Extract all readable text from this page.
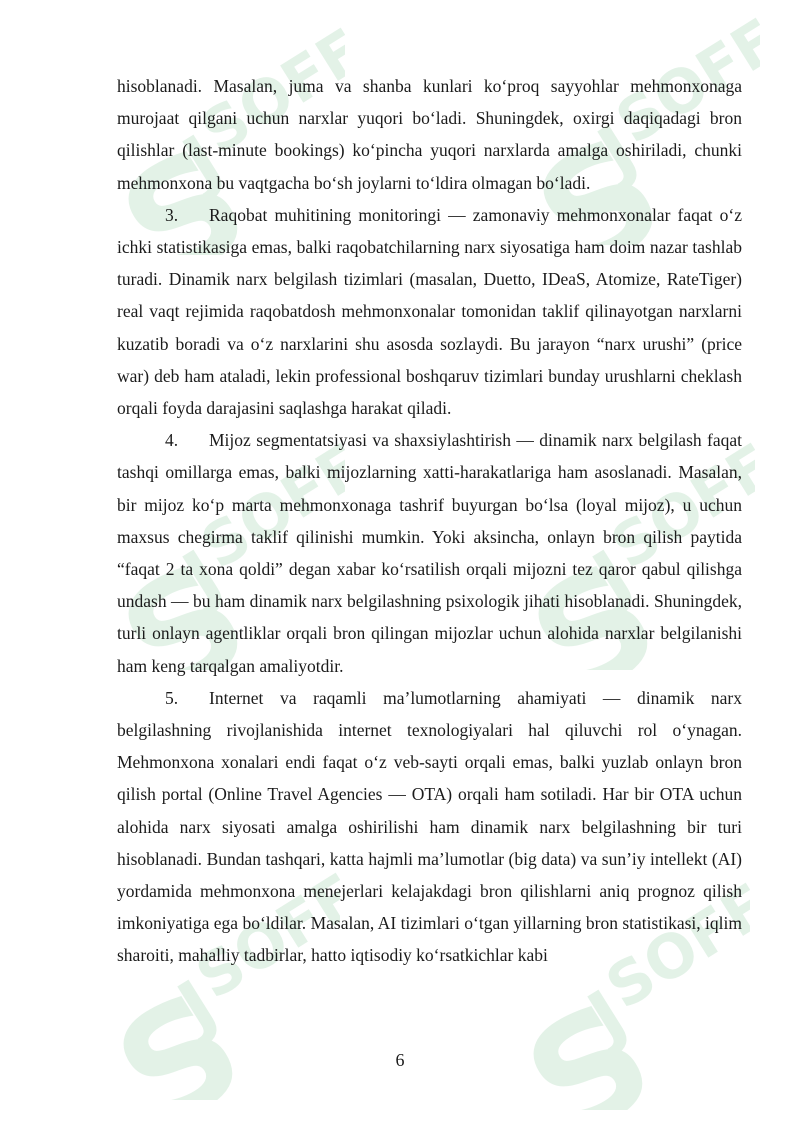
hisoblanadi. Masalan, juma va shanba kunlari ko‘proq sayyohlar mehmonxonaga murojaat qilgani uchun narxlar yuqori bo‘ladi. Shuningdek, oxirgi daqiqadagi bron qilishlar (last-minute bookings) ko‘pincha yuqori narxlarda amalga oshiriladi, chunki mehmonxona bu vaqtgacha bo‘sh joylarni to‘ldira olmagan bo‘ladi.

3. Raqobat muhitining monitoringi — zamonaviy mehmonxonalar faqat o‘z ichki statistikasiga emas, balki raqobatchilarning narx siyosatiga ham doim nazar tashlab turadi. Dinamik narx belgilash tizimlari (masalan, Duetto, IDeaS, Atomize, RateTiger) real vaqt rejimida raqobatdosh mehmonxonalar tomonidan taklif qilinayotgan narxlarni kuzatib boradi va o‘z narxlarini shu asosda sozlaydi. Bu jarayon “narx urushi” (price war) deb ham ataladi, lekin professional boshqaruv tizimlari bunday urushlarni cheklash orqali foyda darajasini saqlashga harakat qiladi.

4. Mijoz segmentatsiyasi va shaxsiylashtirish — dinamik narx belgilash faqat tashqi omillarga emas, balki mijozlarning xatti-harakatlariga ham asoslanadi. Masalan, bir mijoz ko‘p marta mehmonxonaga tashrif buyurgan bo‘lsa (loyal mijoz), u uchun maxsus chegirma taklif qilinishi mumkin. Yoki aksincha, onlayn bron qilish paytida “faqat 2 ta xona qoldi” degan xabar ko‘rsatilish orqali mijozni tez qaror qabul qilishga undash — bu ham dinamik narx belgilashning psixologik jihati hisoblanadi. Shuningdek, turli onlayn agentliklar orqali bron qilingan mijozlar uchun alohida narxlar belgilanishi ham keng tarqalgan amaliyotdir.

5. Internet va raqamli ma’lumotlarning ahamiyati — dinamik narx belgilashning rivojlanishida internet texnologiyalari hal qiluvchi rol o‘ynagan. Mehmonxona xonalari endi faqat o‘z veb-sayti orqali emas, balki yuzlab onlayn bron qilish portal (Online Travel Agencies — OTA) orqali ham sotiladi. Har bir OTA uchun alohida narx siyosati amalga oshirilishi ham dinamik narx belgilashning bir turi hisoblanadi. Bundan tashqari, katta hajmli ma’lumotlar (big data) va sun’iy intellekt (AI) yordamida mehmonxona menejerlari kelajakdagi bron qilishlarni aniq prognoz qilish imkoniyatiga ega bo‘ldilar. Masalan, AI tizimlari o‘tgan yillarning bron statistikasi, iqlim sharoiti, mahalliy tadbirlar, hatto iqtisodiy ko‘rsatkichlar kabi

6
